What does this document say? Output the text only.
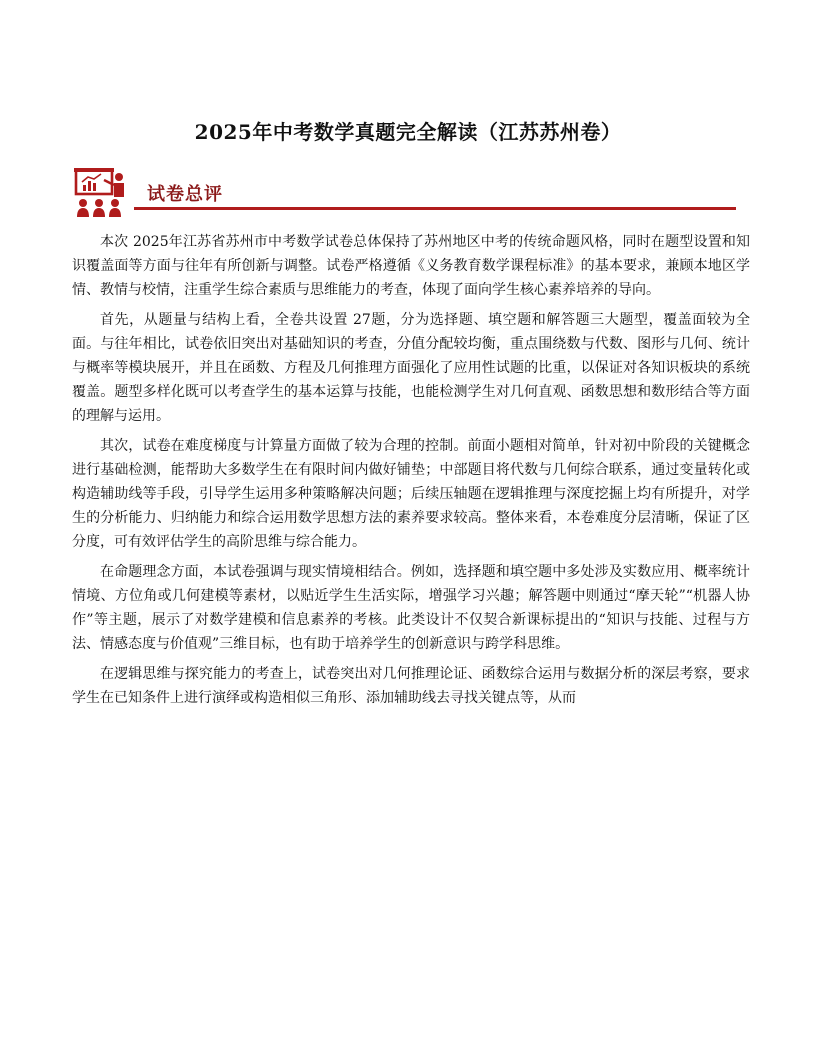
2025年中考数学真题完全解读（江苏苏州卷）
试卷总评

本次 2025年江苏省苏州市中考数学试卷总体保持了苏州地区中考的传统命题风格，同时在题型设置和知识覆盖面等方面与往年有所创新与调整。试卷严格遵循《义务教育数学课程标准》的基本要求，兼顾本地区学情、教情与校情，注重学生综合素质与思维能力的考查，体现了面向学生核心素养培养的导向。

首先，从题量与结构上看，全卷共设置 27题，分为选择题、填空题和解答题三大题型，覆盖面较为全面。与往年相比，试卷依旧突出对基础知识的考查，分值分配较均衡，重点围绕数与代数、图形与几何、统计与概率等模块展开，并且在函数、方程及几何推理方面强化了应用性试题的比重，以保证对各知识板块的系统覆盖。题型多样化既可以考查学生的基本运算与技能，也能检测学生对几何直观、函数思想和数形结合等方面的理解与运用。

其次，试卷在难度梯度与计算量方面做了较为合理的控制。前面小题相对简单，针对初中阶段的关键概念进行基础检测，能帮助大多数学生在有限时间内做好铺垫；中部题目将代数与几何综合联系，通过变量转化或构造辅助线等手段，引导学生运用多种策略解决问题；后续压轴题在逻辑推理与深度挖掘上均有所提升，对学生的分析能力、归纳能力和综合运用数学思想方法的素养要求较高。整体来看，本卷难度分层清晰，保证了区分度，可有效评估学生的高阶思维与综合能力。

在命题理念方面，本试卷强调与现实情境相结合。例如，选择题和填空题中多处涉及实数应用、概率统计情境、方位角或几何建模等素材，以贴近学生生活实际，增强学习兴趣；解答题中则通过“摩天轮”“机器人协作”等主题，展示了对数学建模和信息素养的考核。此类设计不仅契合新课标提出的“知识与技能、过程与方法、情感态度与价值观”三维目标，也有助于培养学生的创新意识与跨学科思维。

在逻辑思维与探究能力的考查上，试卷突出对几何推理论证、函数综合运用与数据分析的深层考察，要求学生在已知条件上进行演绎或构造相似三角形、添加辅助线去寻找关键点等，从而
